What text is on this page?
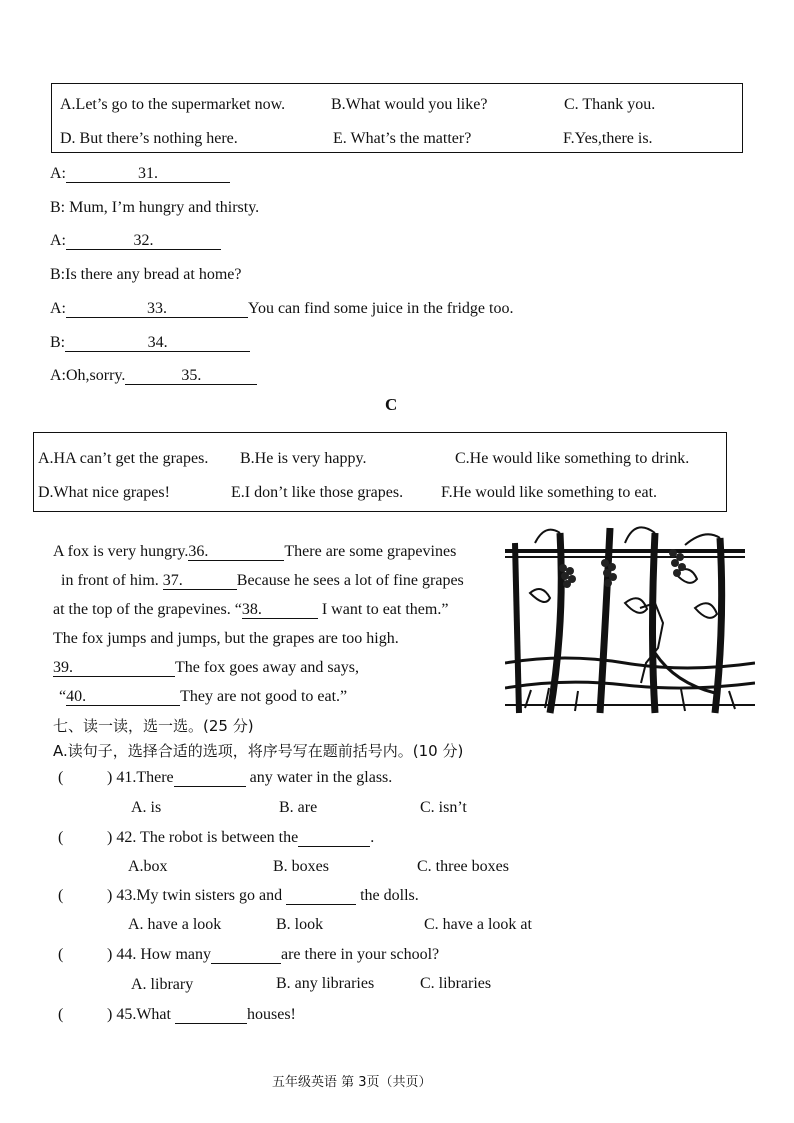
A.Let’s go to the supermarket now.	B.What would you like?	C. Thank you.
D. But there’s nothing here.	E. What’s the matter?	F.Yes,there is.
A:	31.
B: Mum, I’m hungry and thirsty.
A:	32.
B:Is there any bread at home?
A:	33.	You can find some juice in the fridge too.
B:	34.
A:Oh,sorry.	35.
C
A.HA can’t get the grapes. B.He is very happy.	C.He would like something to drink.
D.What nice grapes!	E.I don’t like those grapes. F.He would like something to eat.
A fox is very hungry.36.	There are some grapevines
in front of him. 37.	Because he sees a lot of fine grapes
at the top of the grapevines. “38.	I want to eat them.”
The fox jumps and jumps, but the grapes are too high.
39.	The fox goes away and says,
“40.	They are not good to eat.”
七、读一读，选一选。(25 分)
A.读句子，选择合适的选项，将序号写在题前括号内。(10 分)
(	) 41.There	any water in the glass.
A. is	B. are	C. isn’t
(	) 42. The robot is between the	.
A.box	B. boxes	C. three boxes
(	) 43.My twin sisters go and	the dolls.
A. have a look	B. look	C. have a look at
(	) 44. How many	are there in your school?
A. library	B. any libraries	C. libraries
(	) 45.What	houses!
五年级英语 第 3页（共页）
